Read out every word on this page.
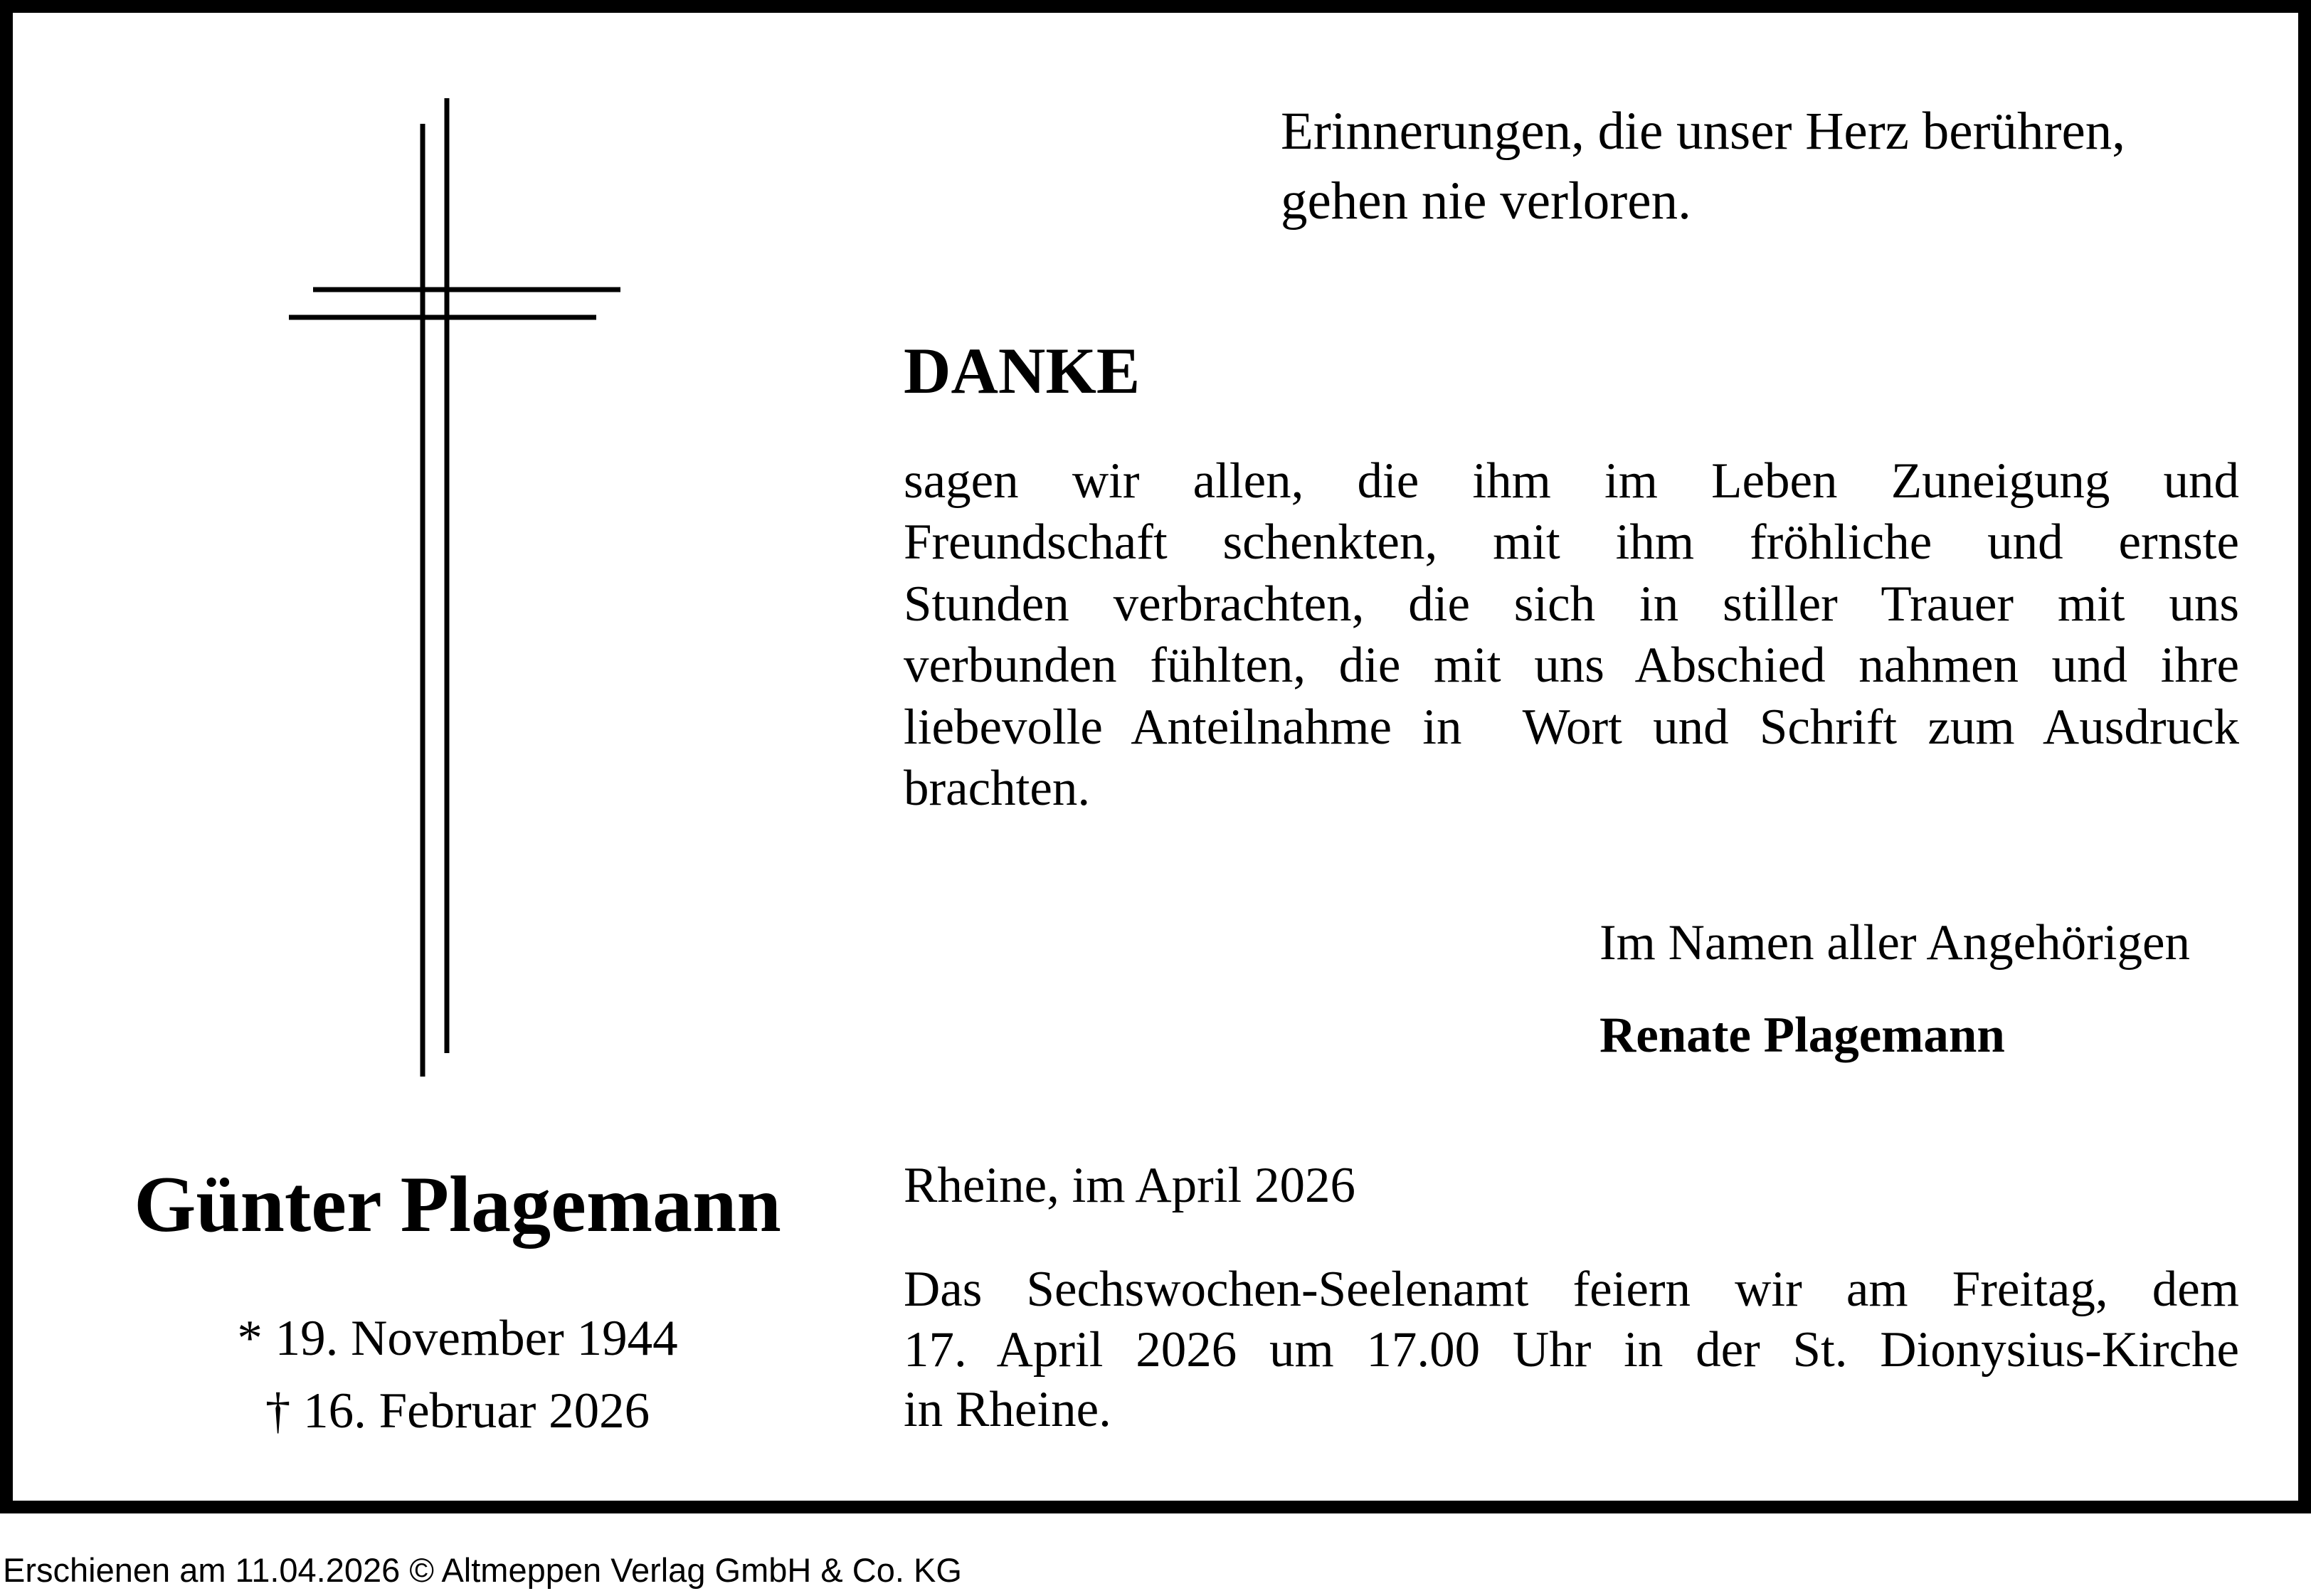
Erinnerungen, die unser Herz berühren,
gehen nie verloren.

DANKE

sagen wir allen, die ihm im Leben Zuneigung und
Freundschaft schenkten, mit ihm fröhliche und ernste
Stunden verbrachten, die sich in stiller Trauer mit uns
verbunden fühlten, die mit uns Abschied nahmen und ihre
liebevolle Anteilnahme in  Wort und Schrift zum Ausdruck
brachten.

Im Namen aller Angehörigen

Renate Plagemann

Rheine, im April 2026

Das Sechswochen-Seelenamt feiern wir am Freitag, dem
17. April 2026 um 17.00 Uhr in der St. Dionysius-Kirche
in Rheine.

Günter Plagemann

* 19. November 1944

† 16. Februar 2026

Erschienen am 11.04.2026 © Altmeppen Verlag GmbH & Co. KG
